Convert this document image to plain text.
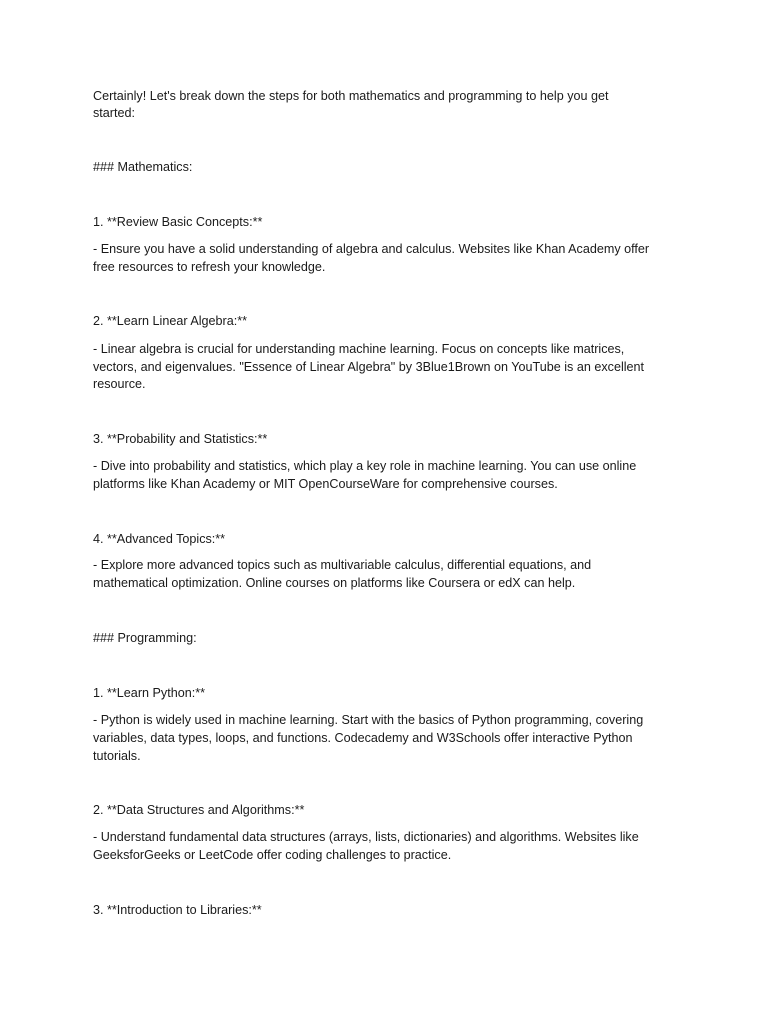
Certainly! Let's break down the steps for both mathematics and programming to help you get
started:
### Mathematics:
1. **Review Basic Concepts:**
- Ensure you have a solid understanding of algebra and calculus. Websites like Khan Academy offer
free resources to refresh your knowledge.
2. **Learn Linear Algebra:**
- Linear algebra is crucial for understanding machine learning. Focus on concepts like matrices,
vectors, and eigenvalues. "Essence of Linear Algebra" by 3Blue1Brown on YouTube is an excellent
resource.
3. **Probability and Statistics:**
- Dive into probability and statistics, which play a key role in machine learning. You can use online
platforms like Khan Academy or MIT OpenCourseWare for comprehensive courses.
4. **Advanced Topics:**
- Explore more advanced topics such as multivariable calculus, differential equations, and
mathematical optimization. Online courses on platforms like Coursera or edX can help.
### Programming:
1. **Learn Python:**
- Python is widely used in machine learning. Start with the basics of Python programming, covering
variables, data types, loops, and functions. Codecademy and W3Schools offer interactive Python
tutorials.
2. **Data Structures and Algorithms:**
- Understand fundamental data structures (arrays, lists, dictionaries) and algorithms. Websites like
GeeksforGeeks or LeetCode offer coding challenges to practice.
3. **Introduction to Libraries:**
